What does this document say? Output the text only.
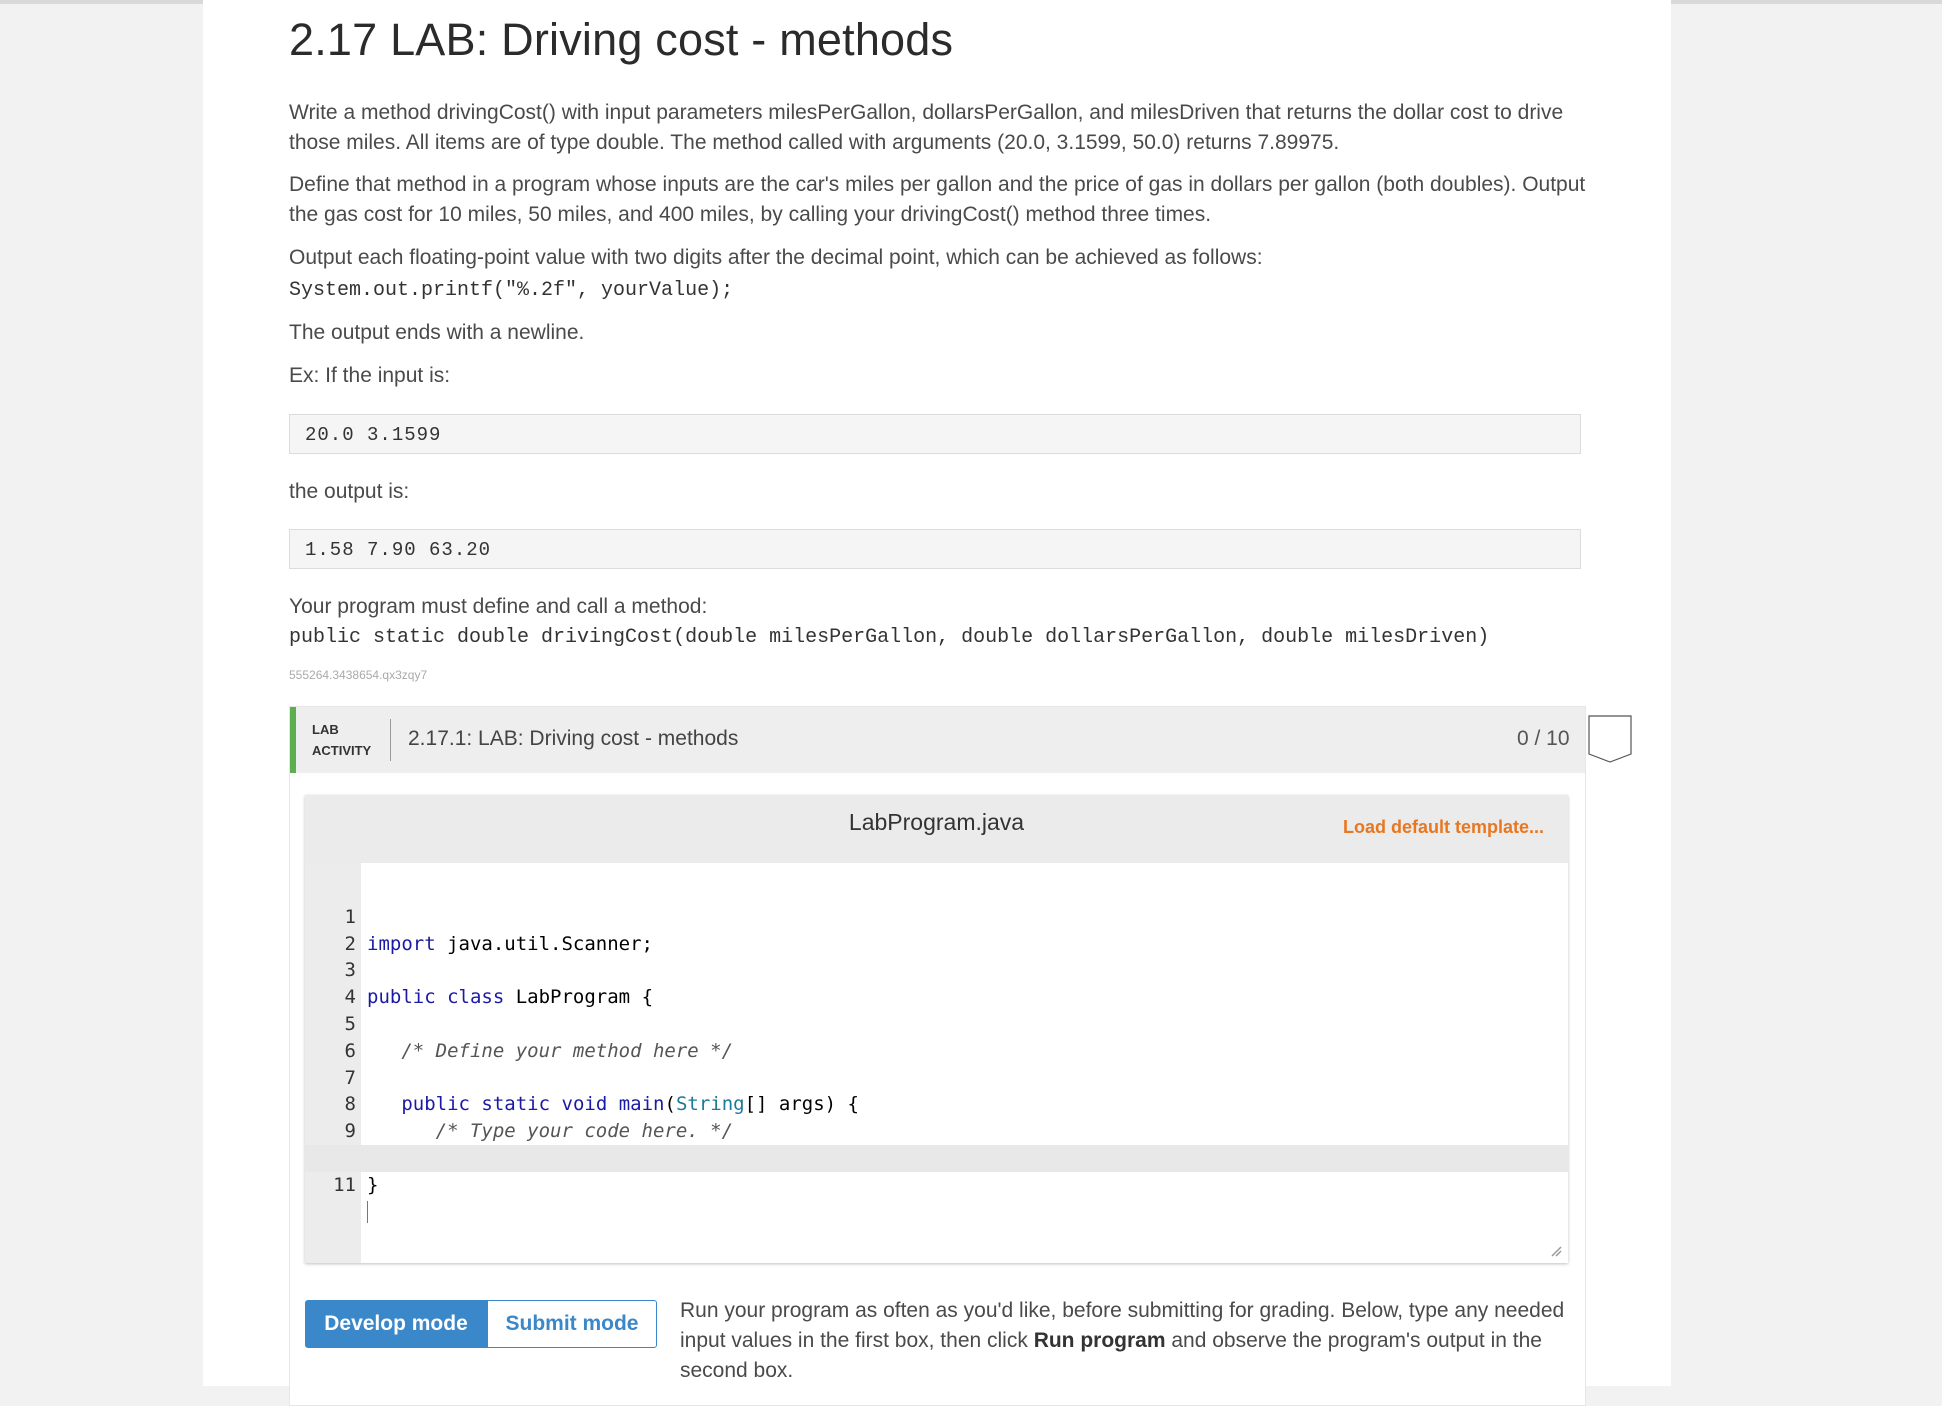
2.17 LAB: Driving cost - methods
Write a method drivingCost() with input parameters milesPerGallon, dollarsPerGallon, and milesDriven that returns the dollar cost to drive those miles. All items are of type double. The method called with arguments (20.0, 3.1599, 50.0) returns 7.89975.
Define that method in a program whose inputs are the car's miles per gallon and the price of gas in dollars per gallon (both doubles). Output the gas cost for 10 miles, 50 miles, and 400 miles, by calling your drivingCost() method three times.
Output each floating-point value with two digits after the decimal point, which can be achieved as follows:
System.out.printf("%.2f", yourValue);
The output ends with a newline.
Ex: If the input is:
20.0 3.1599
the output is:
1.58 7.90 63.20
Your program must define and call a method:
public static double drivingCost(double milesPerGallon, double dollarsPerGallon, double milesDriven)
555264.3438654.qx3zqy7
LAB
ACTIVITY
2.17.1: LAB: Driving cost - methods	0 / 10
LabProgram.java	Load default template...

1

import java.util.Scanner;

2

3

public class LabProgram {

4

5

/* Define your method here */

6

7

public static void main(String[] args) {

8

/* Type your code here. */

9

11

Develop mode	Submit mode
Run your program as often as you'd like, before submitting for grading. Below, type any needed input values in the first box, then click Run program and observe the program's output in the second box.
